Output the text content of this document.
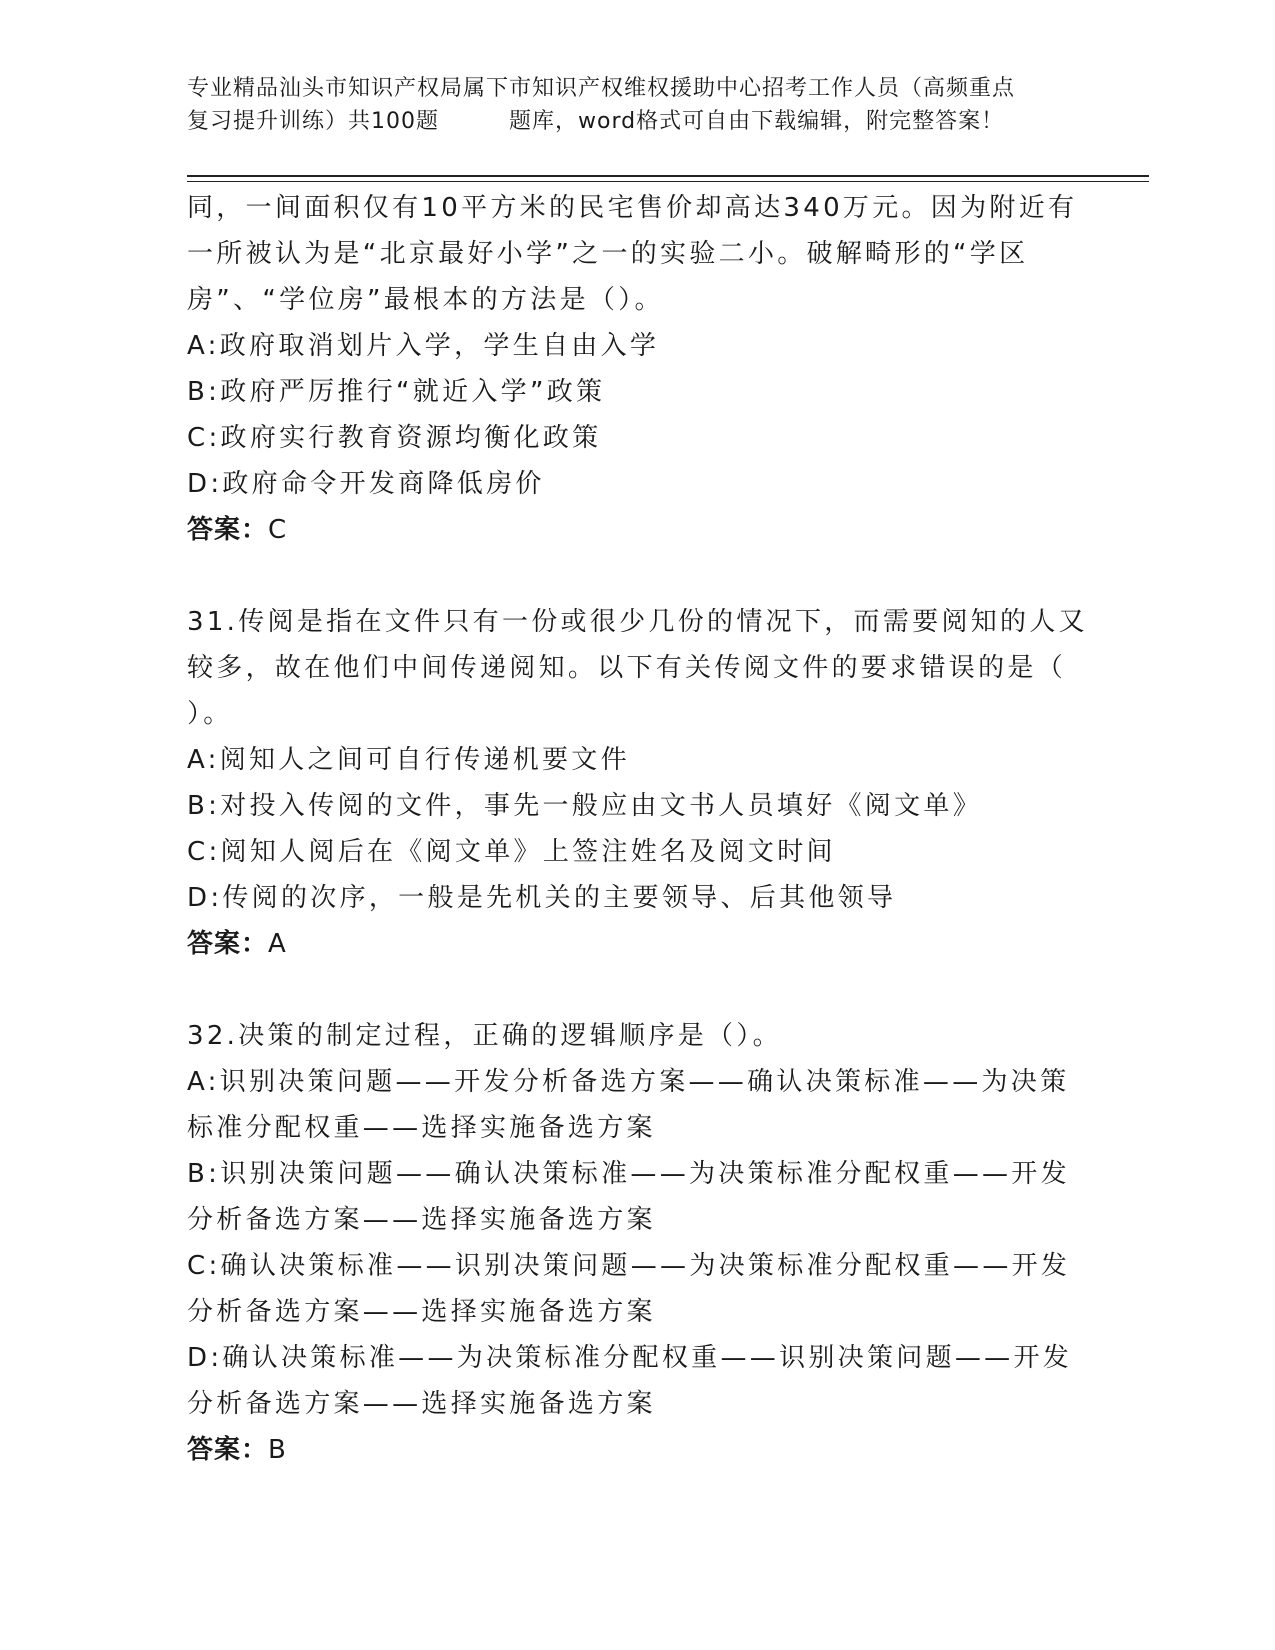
专业精品汕头市知识产权局属下市知识产权维权援助中心招考工作人员（高频重点
复习提升训练）共100题	题库，word格式可自由下载编辑，附完整答案！
同，一间面积仅有10平方米的民宅售价却高达340万元。因为附近有
一所被认为是“北京最好小学”之一的实验二小。破解畸形的“学区
房”、“学位房”最根本的方法是（）。
A:政府取消划片入学，学生自由入学
B:政府严厉推行“就近入学”政策
C:政府实行教育资源均衡化政策
D:政府命令开发商降低房价
答案：C
31.传阅是指在文件只有一份或很少几份的情况下，而需要阅知的人又
较多，故在他们中间传递阅知。以下有关传阅文件的要求错误的是（
）。
A:阅知人之间可自行传递机要文件
B:对投入传阅的文件，事先一般应由文书人员填好《阅文单》
C:阅知人阅后在《阅文单》上签注姓名及阅文时间
D:传阅的次序，一般是先机关的主要领导、后其他领导
答案：A
32.决策的制定过程，正确的逻辑顺序是（）。
A:识别决策问题——开发分析备选方案——确认决策标准——为决策
标准分配权重——选择实施备选方案
B:识别决策问题——确认决策标准——为决策标准分配权重——开发
分析备选方案——选择实施备选方案
C:确认决策标准——识别决策问题——为决策标准分配权重——开发
分析备选方案——选择实施备选方案
D:确认决策标准——为决策标准分配权重——识别决策问题——开发
分析备选方案——选择实施备选方案
答案：B
